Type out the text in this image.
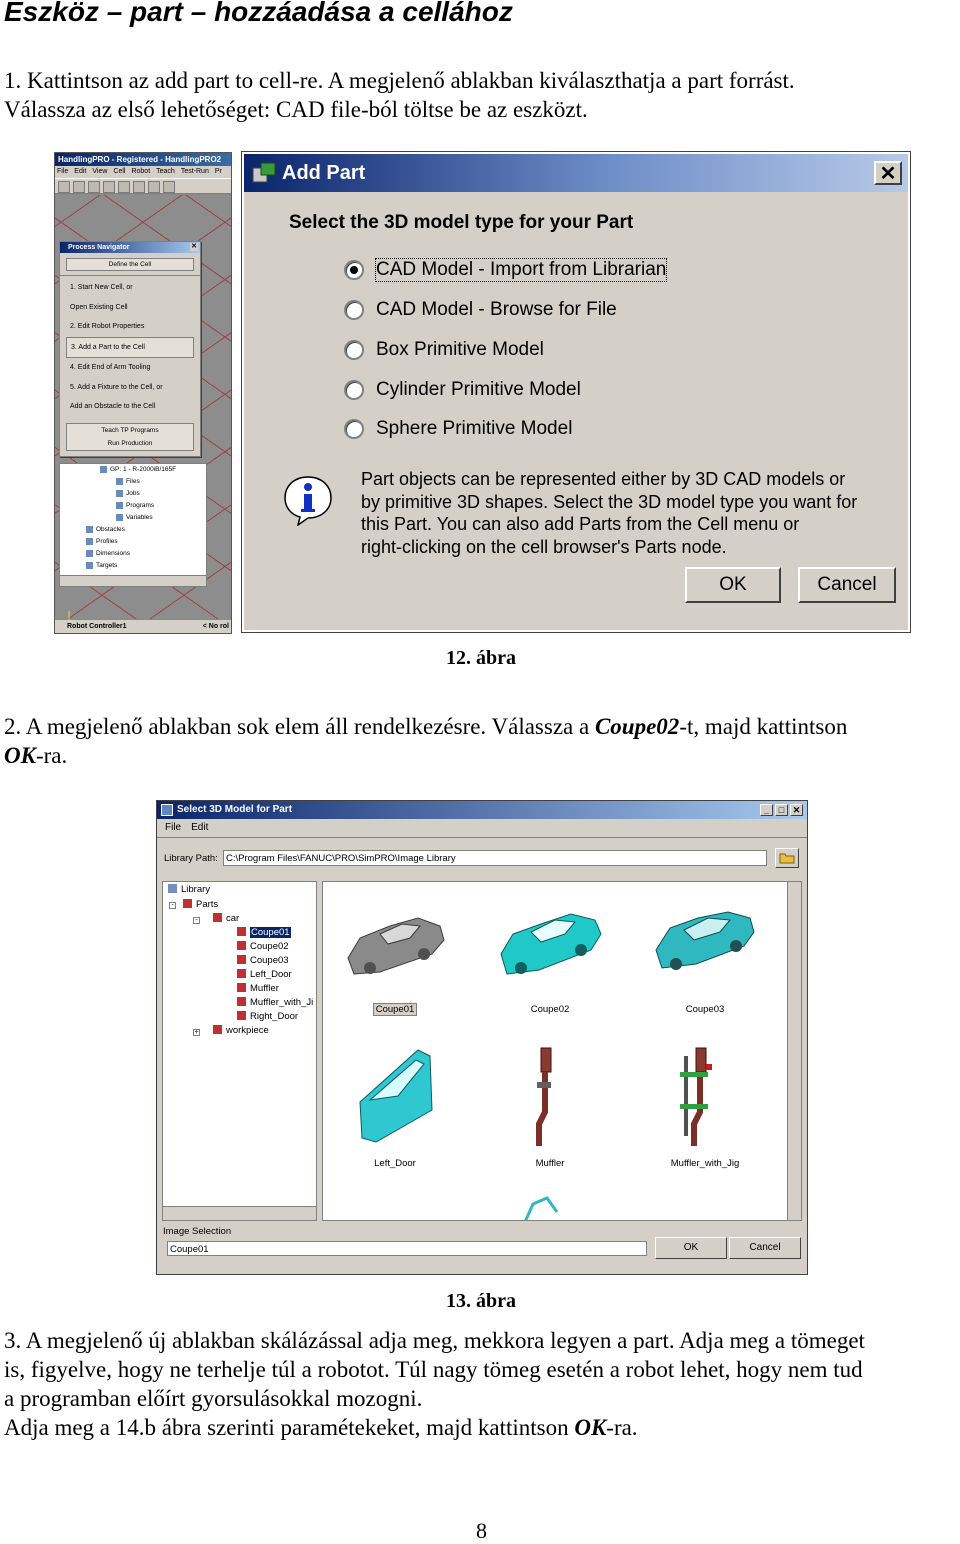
Eszköz – part – hozzáadása a cellához
1. Kattintson az add part to cell-re. A megjelenő ablakban kiválaszthatja a part forrást.
Válassza az első lehetőséget: CAD file-ból töltse be az eszközt.
HandlingPRO - Registered - HandlingPRO2
File Edit View Cell Robot Teach Test-Run Pr
Process Navigator	✕
Define the Cell
1. Start New Cell, or
Open Existing Cell
2. Edit Robot Properties
3. Add a Part to the Cell
4. Edit End of Arm Tooling
5. Add a Fixture to the Cell, or
Add an Obstacle to the Cell
Teach TP Programs
Run Production
GP: 1 - R-2000iB/165F
Files
Jobs
Programs
Variables
Obstacles
Profiles
Dimensions
Targets
Robot Controller1	< No rol
Add Part	✕
Select the 3D model type for your Part
CAD Model - Import from Librarian
CAD Model - Browse for File
Box Primitive Model
Cylinder Primitive Model
Sphere Primitive Model
Part objects can be represented either by 3D CAD models or
by primitive 3D shapes. Select the 3D model type you want for
this Part. You can also add Parts from the Cell menu or
right-clicking on the cell browser's Parts node.
OK	Cancel
12. ábra
2. A megjelenő ablakban sok elem áll rendelkezésre. Válassza a Coupe02-t, majd kattintson
OK-ra.
Select 3D Model for Part	_	□ ✕
File Edit
Library Path: C:\Program Files\FANUC\PRO\SimPRO\Image Library
-
Library
Parts
-	car
Coupe01
Coupe02
Coupe03
Left_Door
Muffler
Muffler_with_Ji
Right_Door
+	workpiece
Coupe01	Coupe02	Coupe03
Left_Door	Muffler	Muffler_with_Jig
Image Selection
Coupe01	OK	Cancel
13. ábra
3. A megjelenő új ablakban skálázással adja meg, mekkora legyen a part. Adja meg a tömeget
is, figyelve, hogy ne terhelje túl a robotot. Túl nagy tömeg esetén a robot lehet, hogy nem tud
a programban előírt gyorsulásokkal mozogni.
Adja meg a 14.b ábra szerinti paramétekeket, majd kattintson OK-ra.
8
